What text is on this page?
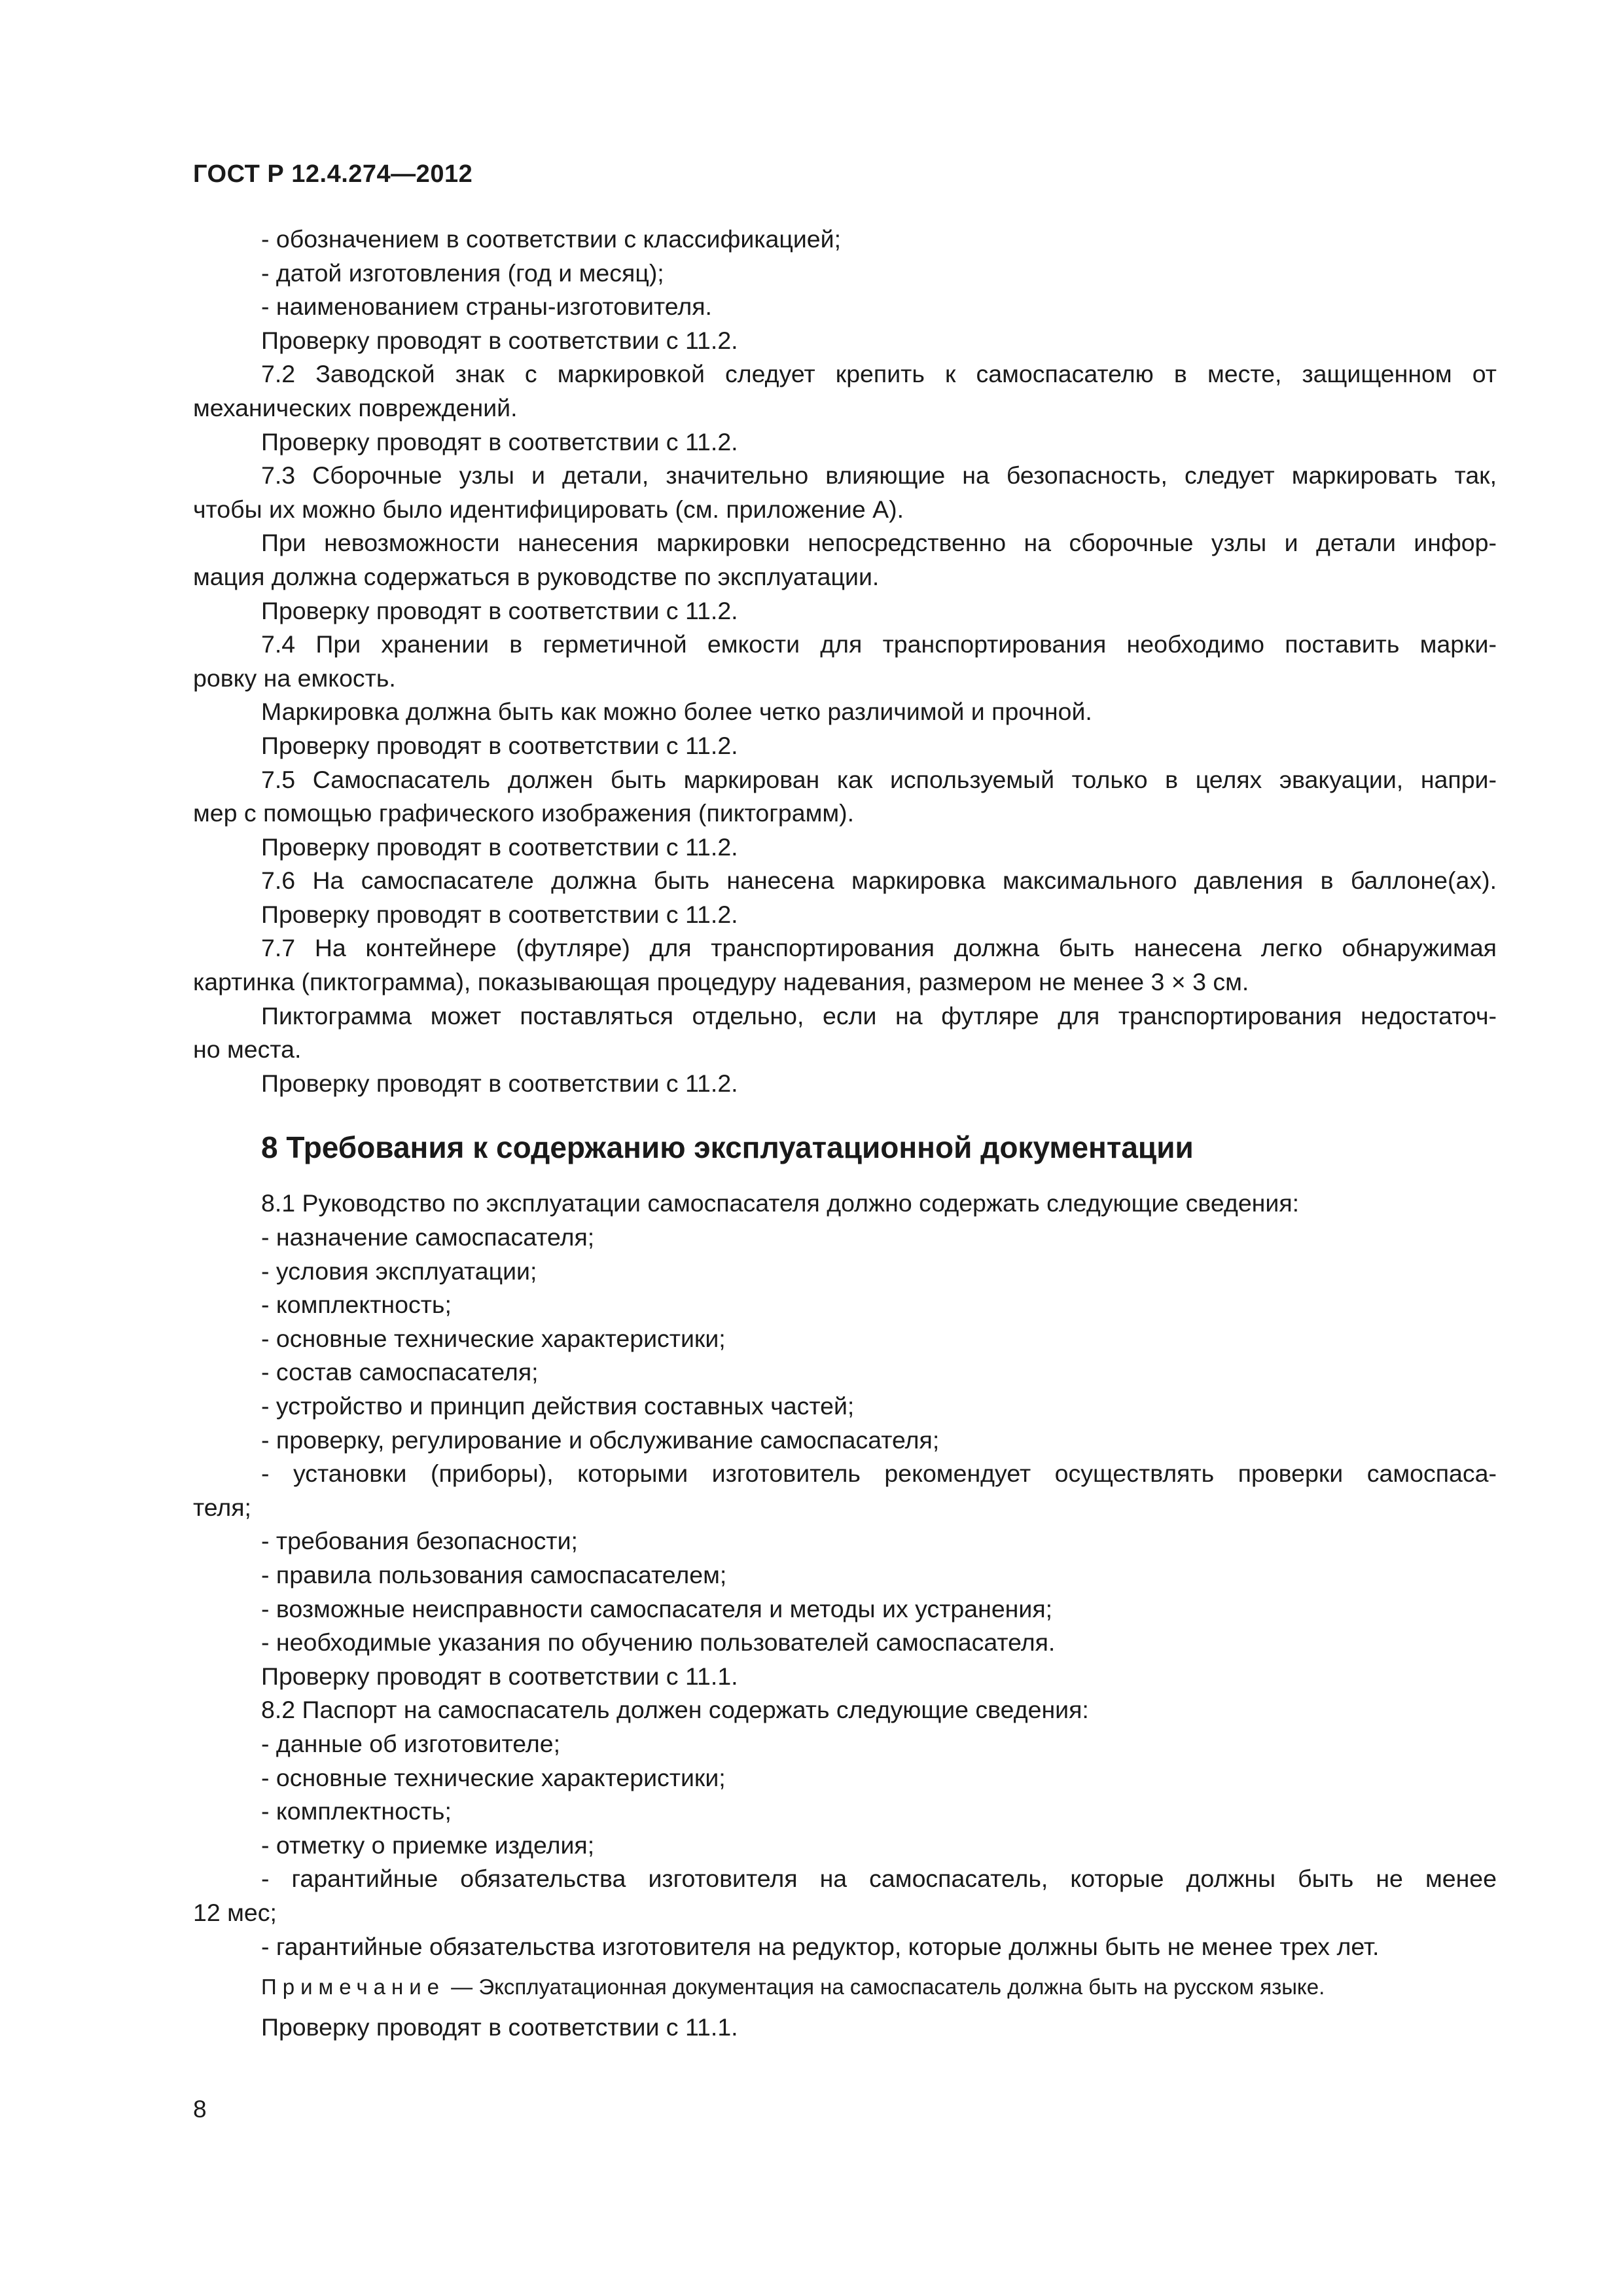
ГОСТ Р 12.4.274—2012
- обозначением в соответствии с классификацией;
- датой изготовления (год и месяц);
- наименованием страны-изготовителя.
Проверку проводят в соответствии с 11.2.
7.2 Заводской знак с маркировкой следует крепить к самоспасателю в месте, защищенном от
механических повреждений.
Проверку проводят в соответствии с 11.2.
7.3 Сборочные узлы и детали, значительно влияющие на безопасность, следует маркировать так,
чтобы их можно было идентифицировать (см. приложение А).
При невозможности нанесения маркировки непосредственно на сборочные узлы и детали инфор-
мация должна содержаться в руководстве по эксплуатации.
Проверку проводят в соответствии с 11.2.
7.4 При хранении в герметичной емкости для транспортирования необходимо поставить марки-
ровку на емкость.
Маркировка должна быть как можно более четко различимой и прочной.
Проверку проводят в соответствии с 11.2.
7.5 Самоспасатель должен быть маркирован как используемый только в целях эвакуации, напри-
мер с помощью графического изображения (пиктограмм).
Проверку проводят в соответствии с 11.2.
7.6 На самоспасателе должна быть нанесена маркировка максимального давления в баллоне(ах).
Проверку проводят в соответствии с 11.2.
7.7 На контейнере (футляре) для транспортирования должна быть нанесена легко обнаружимая
картинка (пиктограмма), показывающая процедуру надевания, размером не менее 3 × 3 см.
Пиктограмма может поставляться отдельно, если на футляре для транспортирования недостаточ-
но места.
Проверку проводят в соответствии с 11.2.
8 Требования к содержанию эксплуатационной документации
8.1 Руководство по эксплуатации самоспасателя должно содержать следующие сведения:
- назначение самоспасателя;
- условия эксплуатации;
- комплектность;
- основные технические характеристики;
- состав самоспасателя;
- устройство и принцип действия составных частей;
- проверку, регулирование и обслуживание самоспасателя;
- установки (приборы), которыми изготовитель рекомендует осуществлять проверки самоспаса-
теля;
- требования безопасности;
- правила пользования самоспасателем;
- возможные неисправности самоспасателя и методы их устранения;
- необходимые указания по обучению пользователей самоспасателя.
Проверку проводят в соответствии с 11.1.
8.2 Паспорт на самоспасатель должен содержать следующие сведения:
- данные об изготовителе;
- основные технические характеристики;
- комплектность;
- отметку о приемке изделия;
- гарантийные обязательства изготовителя на самоспасатель, которые должны быть не менее
12 мес;
- гарантийные обязательства изготовителя на редуктор, которые должны быть не менее трех лет.
Примечание — Эксплуатационная документация на самоспасатель должна быть на русском языке.
Проверку проводят в соответствии с 11.1.
8
